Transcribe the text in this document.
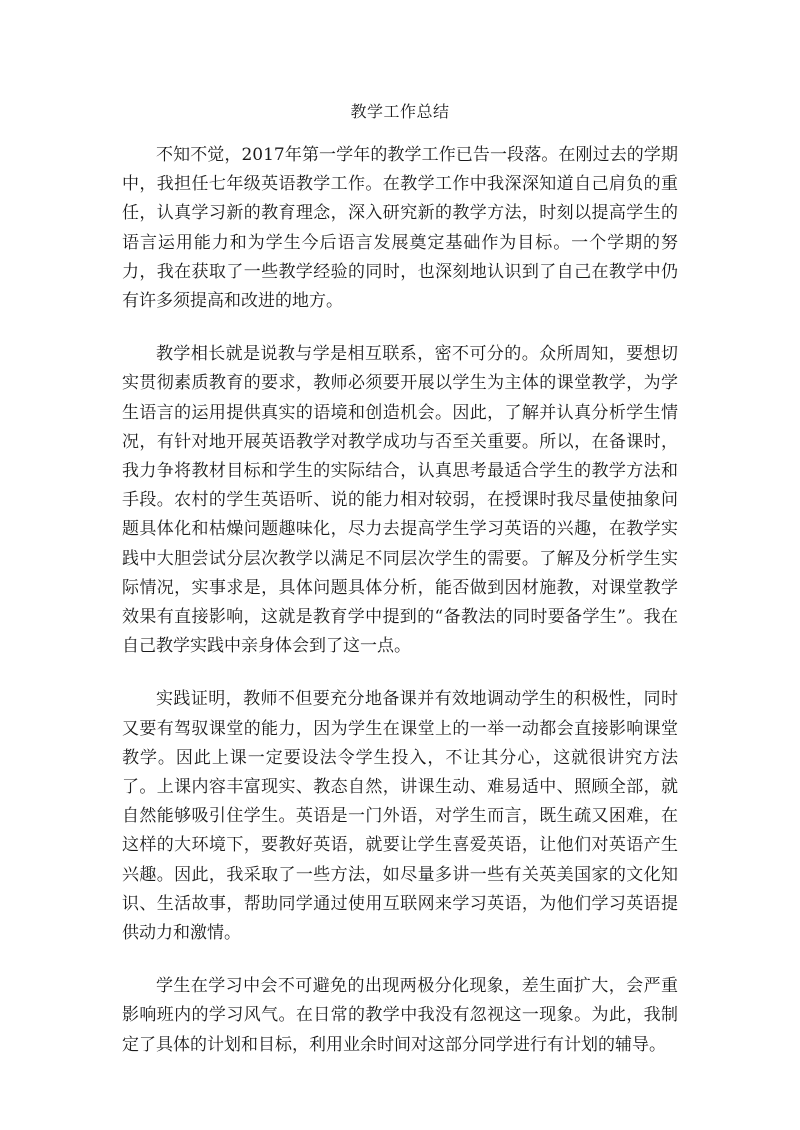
教学工作总结

不知不觉，2017年第一学年的教学工作已告一段落。在刚过去的学期中，我担任七年级英语教学工作。在教学工作中我深深知道自己肩负的重任，认真学习新的教育理念，深入研究新的教学方法，时刻以提高学生的语言运用能力和为学生今后语言发展奠定基础作为目标。一个学期的努力，我在获取了一些教学经验的同时，也深刻地认识到了自己在教学中仍有许多须提高和改进的地方。

教学相长就是说教与学是相互联系，密不可分的。众所周知，要想切实贯彻素质教育的要求，教师必须要开展以学生为主体的课堂教学，为学生语言的运用提供真实的语境和创造机会。因此，了解并认真分析学生情况，有针对地开展英语教学对教学成功与否至关重要。所以，在备课时，我力争将教材目标和学生的实际结合，认真思考最适合学生的教学方法和手段。农村的学生英语听、说的能力相对较弱，在授课时我尽量使抽象问题具体化和枯燥问题趣味化，尽力去提高学生学习英语的兴趣，在教学实践中大胆尝试分层次教学以满足不同层次学生的需要。了解及分析学生实际情况，实事求是，具体问题具体分析，能否做到因材施教，对课堂教学效果有直接影响，这就是教育学中提到的“备教法的同时要备学生”。我在自己教学实践中亲身体会到了这一点。

实践证明，教师不但要充分地备课并有效地调动学生的积极性，同时又要有驾驭课堂的能力，因为学生在课堂上的一举一动都会直接影响课堂教学。因此上课一定要设法令学生投入，不让其分心，这就很讲究方法了。上课内容丰富现实、教态自然，讲课生动、难易适中、照顾全部，就自然能够吸引住学生。英语是一门外语，对学生而言，既生疏又困难，在这样的大环境下，要教好英语，就要让学生喜爱英语，让他们对英语产生兴趣。因此，我采取了一些方法，如尽量多讲一些有关英美国家的文化知识、生活故事，帮助同学通过使用互联网来学习英语，为他们学习英语提供动力和激情。

学生在学习中会不可避免的出现两极分化现象，差生面扩大，会严重影响班内的学习风气。在日常的教学中我没有忽视这一现象。为此，我制定了具体的计划和目标，利用业余时间对这部分同学进行有计划的辅导。
